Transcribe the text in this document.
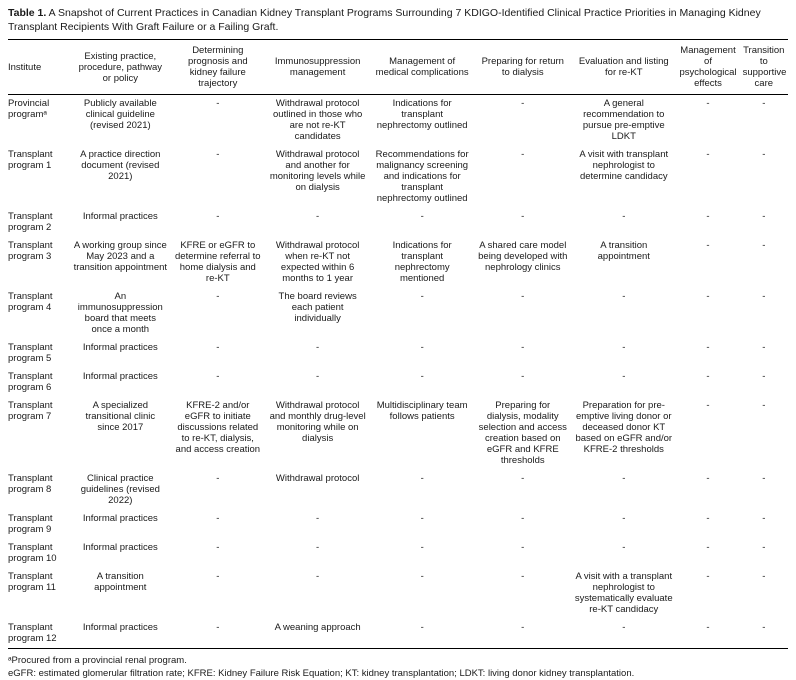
Table 1. A Snapshot of Current Practices in Canadian Kidney Transplant Programs Surrounding 7 KDIGO-Identified Clinical Practice Priorities in Managing Kidney Transplant Recipients With Graft Failure or a Failing Graft.

Institute	Existing practice, procedure, pathway or policy	Determining prognosis and kidney failure trajectory	Immunosuppression management	Management of medical complications	Preparing for return to dialysis	Evaluation and listing for re-KT	Management of psychological effects	Transition to supportive care
Provincial programᵃ	Publicly available clinical guideline (revised 2021)	-	Withdrawal protocol outlined in those who are not re-KT candidates	Indications for transplant nephrectomy outlined	-	A general recommendation to pursue pre-emptive LDKT	-	-
Transplant program 1	A practice direction document (revised 2021)	-	Withdrawal protocol and another for monitoring levels while on dialysis	Recommendations for malignancy screening and indications for transplant nephrectomy outlined	-	A visit with transplant nephrologist to determine candidacy	-	-
Transplant program 2	Informal practices	-	-	-	-	-	-	-
Transplant program 3	A working group since May 2023 and a transition appointment	KFRE or eGFR to determine referral to home dialysis and re-KT	Withdrawal protocol when re-KT not expected within 6 months to 1 year	Indications for transplant nephrectomy mentioned	A shared care model being developed with nephrology clinics	A transition appointment	-	-
Transplant program 4	An immunosuppression board that meets once a month	-	The board reviews each patient individually	-	-	-	-	-
Transplant program 5	Informal practices	-	-	-	-	-	-	-
Transplant program 6	Informal practices	-	-	-	-	-	-	-
Transplant program 7	A specialized transitional clinic since 2017	KFRE-2 and/or eGFR to initiate discussions related to re-KT, dialysis, and access creation	Withdrawal protocol and monthly drug-level monitoring while on dialysis	Multidisciplinary team follows patients	Preparing for dialysis, modality selection and access creation based on eGFR and KFRE thresholds	Preparation for pre-emptive living donor or deceased donor KT based on eGFR and/or KFRE-2 thresholds	-	-
Transplant program 8	Clinical practice guidelines (revised 2022)	-	Withdrawal protocol	-	-	-	-	-
Transplant program 9	Informal practices	-	-	-	-	-	-	-
Transplant program 10	Informal practices	-	-	-	-	-	-	-
Transplant program 11	A transition appointment	-	-	-	-	A visit with a transplant nephrologist to systematically evaluate re-KT candidacy	-	-
Transplant program 12	Informal practices	-	A weaning approach	-	-	-	-	-

ᵃProcured from a provincial renal program.

eGFR: estimated glomerular filtration rate; KFRE: Kidney Failure Risk Equation; KT: kidney transplantation; LDKT: living donor kidney transplantation.
